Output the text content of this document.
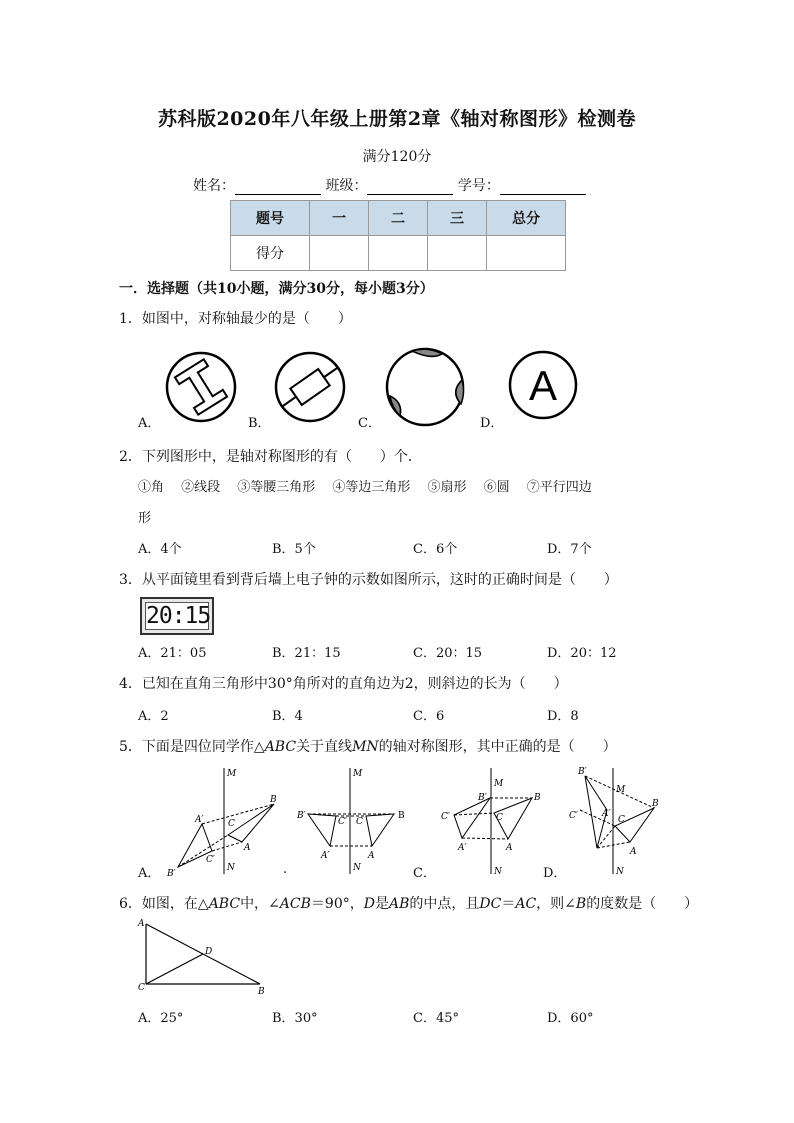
苏科版2020年八年级上册第2章《轴对称图形》检测卷
满分120分
姓名：	班级：	学号：
题号	一	二	三	总分
得分				
一．选择题（共10小题，满分30分，每小题3分）
1．如图中，对称轴最少的是（　　）
A
A．	B．	C．	D．
2．下列图形中，是轴对称图形的有（　　）个．
①角　 ②线段　 ③等腰三角形　 ④等边三角形　 ⑤扇形　 ⑥圆　 ⑦平行四边
形
A．4个	B．5个	C．6个	D．7个
3．从平面镜里看到背后墙上电子钟的示数如图所示，这时的正确时间是（　　）
20:15
A．21：05	B．21：15	C．20：15	D．20：12
4．已知在直角三角形中30°角所对的直角边为2，则斜边的长为（　　）
A．2	B．4	C．6	D．8
5．下面是四位同学作△ABC关于直线MN的轴对称图形，其中正确的是（　　）
M
N
B
C
A
A′
C′
B′
M
N
B
C
A
B′
C′
A′
M
N
B
C
A
B′
C′
A′
M
N
B
C
A
B′
C′	A′
A．	.	C．	D．
6．如图，在△ABC中，∠ACB＝90°，D是AB的中点，且DC＝AC，则∠B的度数是（　　）
A
C	B
D
A．25°	B．30°	C．45°	D．60°
